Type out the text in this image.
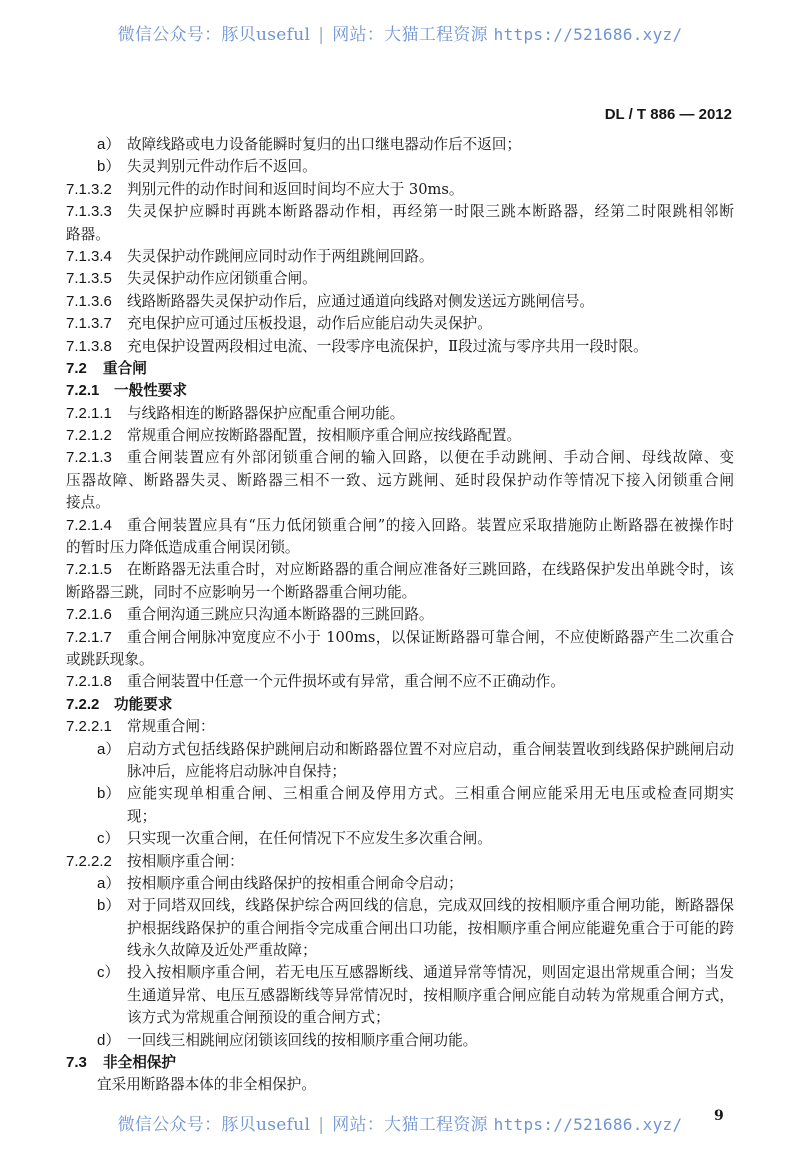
微信公众号：豚贝useful | 网站：大猫工程资源 https://521686.xyz/
DL / T 886 — 2012
a） 故障线路或电力设备能瞬时复归的出口继电器动作后不返回；
b） 失灵判别元件动作后不返回。
7.1.3.2 判别元件的动作时间和返回时间均不应大于 30ms。
7.1.3.3 失灵保护应瞬时再跳本断路器动作相，再经第一时限三跳本断路器，经第二时限跳相邻断
路器。
7.1.3.4 失灵保护动作跳闸应同时动作于两组跳闸回路。
7.1.3.5 失灵保护动作应闭锁重合闸。
7.1.3.6 线路断路器失灵保护动作后，应通过通道向线路对侧发送远方跳闸信号。
7.1.3.7 充电保护应可通过压板投退，动作后应能启动失灵保护。
7.1.3.8 充电保护设置两段相过电流、一段零序电流保护，Ⅱ段过流与零序共用一段时限。
7.2 重合闸
7.2.1 一般性要求
7.2.1.1 与线路相连的断路器保护应配重合闸功能。
7.2.1.2 常规重合闸应按断路器配置，按相顺序重合闸应按线路配置。
7.2.1.3 重合闸装置应有外部闭锁重合闸的输入回路，以便在手动跳闸、手动合闸、母线故障、变
压器故障、断路器失灵、断路器三相不一致、远方跳闸、延时段保护动作等情况下接入闭锁重合闸
接点。
7.2.1.4 重合闸装置应具有“压力低闭锁重合闸”的接入回路。装置应采取措施防止断路器在被操作时
的暂时压力降低造成重合闸误闭锁。
7.2.1.5 在断路器无法重合时，对应断路器的重合闸应准备好三跳回路，在线路保护发出单跳令时，该
断路器三跳，同时不应影响另一个断路器重合闸功能。
7.2.1.6 重合闸沟通三跳应只沟通本断路器的三跳回路。
7.2.1.7 重合闸合闸脉冲宽度应不小于 100ms，以保证断路器可靠合闸，不应使断路器产生二次重合
或跳跃现象。
7.2.1.8 重合闸装置中任意一个元件损坏或有异常，重合闸不应不正确动作。
7.2.2 功能要求
7.2.2.1 常规重合闸：
a） 启动方式包括线路保护跳闸启动和断路器位置不对应启动，重合闸装置收到线路保护跳闸启动
脉冲后，应能将启动脉冲自保持；
b） 应能实现单相重合闸、三相重合闸及停用方式。三相重合闸应能采用无电压或检查同期实
现；
c） 只实现一次重合闸，在任何情况下不应发生多次重合闸。
7.2.2.2 按相顺序重合闸：
a） 按相顺序重合闸由线路保护的按相重合闸命令启动；
b） 对于同塔双回线，线路保护综合两回线的信息，完成双回线的按相顺序重合闸功能，断路器保
护根据线路保护的重合闸指令完成重合闸出口功能，按相顺序重合闸应能避免重合于可能的跨
线永久故障及近处严重故障；
c） 投入按相顺序重合闸，若无电压互感器断线、通道异常等情况，则固定退出常规重合闸；当发
生通道异常、电压互感器断线等异常情况时，按相顺序重合闸应能自动转为常规重合闸方式，
该方式为常规重合闸预设的重合闸方式；
d） 一回线三相跳闸应闭锁该回线的按相顺序重合闸功能。
7.3 非全相保护
宜采用断路器本体的非全相保护。
微信公众号：豚贝useful | 网站：大猫工程资源 https://521686.xyz/	9
